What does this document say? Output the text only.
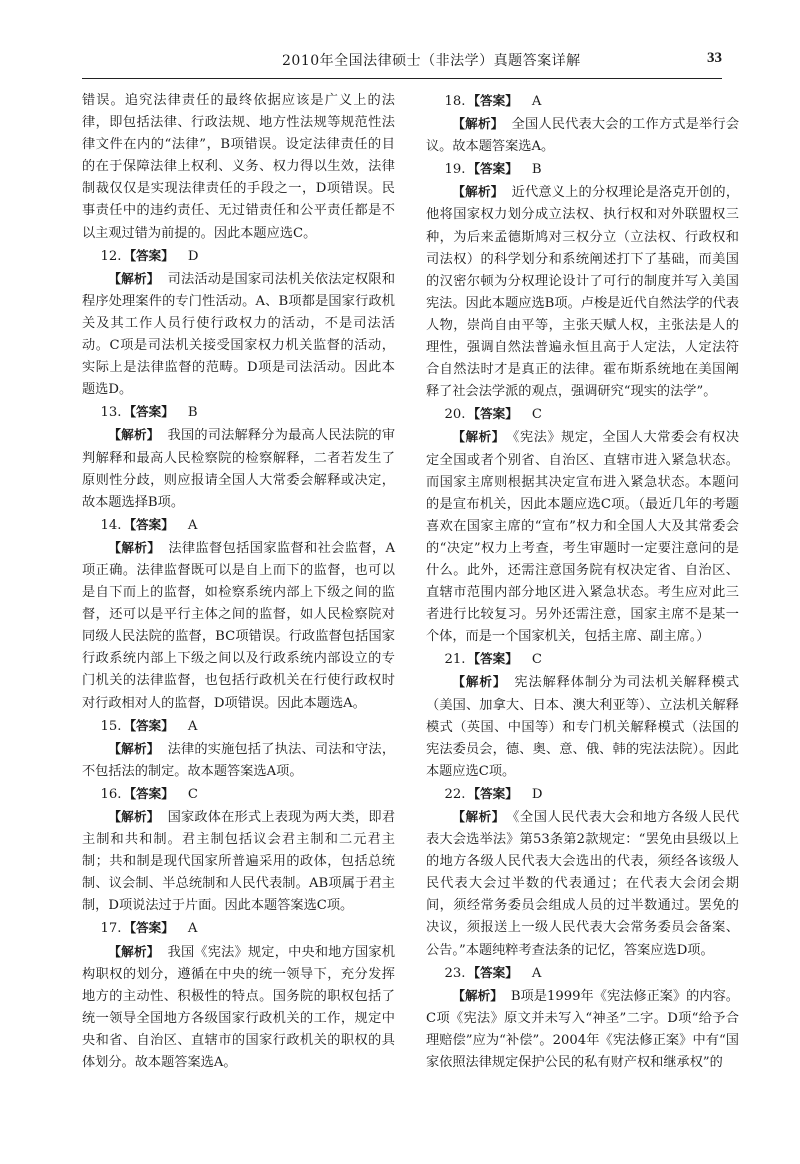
2010年全国法律硕士（非法学）真题答案详解	33

错误。追究法律责任的最终依据应该是广义上的法律，即包括法律、行政法规、地方性法规等规范性法律文件在内的“法律”，B项错误。设定法律责任的目的在于保障法律上权利、义务、权力得以生效，法律制裁仅仅是实现法律责任的手段之一，D项错误。民事责任中的违约责任、无过错责任和公平责任都是不以主观过错为前提的。因此本题应选C。

12. 【答案】 D

【解析】 司法活动是国家司法机关依法定权限和程序处理案件的专门性活动。A、B项都是国家行政机关及其工作人员行使行政权力的活动，不是司法活动。C项是司法机关接受国家权力机关监督的活动，实际上是法律监督的范畴。D项是司法活动。因此本题选D。

13. 【答案】 B

【解析】 我国的司法解释分为最高人民法院的审判解释和最高人民检察院的检察解释，二者若发生了原则性分歧，则应报请全国人大常委会解释或决定，故本题选择B项。

14. 【答案】 A

【解析】 法律监督包括国家监督和社会监督，A项正确。法律监督既可以是自上而下的监督，也可以是自下而上的监督，如检察系统内部上下级之间的监督，还可以是平行主体之间的监督，如人民检察院对同级人民法院的监督，BC项错误。行政监督包括国家行政系统内部上下级之间以及行政系统内部设立的专门机关的法律监督，也包括行政机关在行使行政权时对行政相对人的监督，D项错误。因此本题选A。

15. 【答案】 A

【解析】 法律的实施包括了执法、司法和守法，不包括法的制定。故本题答案选A项。

16. 【答案】 C

【解析】 国家政体在形式上表现为两大类，即君主制和共和制。君主制包括议会君主制和二元君主制；共和制是现代国家所普遍采用的政体，包括总统制、议会制、半总统制和人民代表制。AB项属于君主制，D项说法过于片面。因此本题答案选C项。

17. 【答案】 A

【解析】 我国《宪法》规定，中央和地方国家机构职权的划分，遵循在中央的统一领导下，充分发挥地方的主动性、积极性的特点。国务院的职权包括了统一领导全国地方各级国家行政机关的工作，规定中央和省、自治区、直辖市的国家行政机关的职权的具体划分。故本题答案选A。

18. 【答案】 A

【解析】 全国人民代表大会的工作方式是举行会议。故本题答案选A。

19. 【答案】 B

【解析】 近代意义上的分权理论是洛克开创的，他将国家权力划分成立法权、执行权和对外联盟权三种，为后来孟德斯鸠对三权分立（立法权、行政权和司法权）的科学划分和系统阐述打下了基础，而美国的汉密尔顿为分权理论设计了可行的制度并写入美国宪法。因此本题应选B项。卢梭是近代自然法学的代表人物，崇尚自由平等，主张天赋人权，主张法是人的理性，强调自然法普遍永恒且高于人定法，人定法符合自然法时才是真正的法律。霍布斯系统地在美国阐释了社会法学派的观点，强调研究“现实的法学”。

20. 【答案】 C

【解析】 《宪法》规定，全国人大常委会有权决定全国或者个别省、自治区、直辖市进入紧急状态。而国家主席则根据其决定宣布进入紧急状态。本题问的是宣布机关，因此本题应选C项。（最近几年的考题喜欢在国家主席的“宣布”权力和全国人大及其常委会的“决定”权力上考查，考生审题时一定要注意问的是什么。此外，还需注意国务院有权决定省、自治区、直辖市范围内部分地区进入紧急状态。考生应对此三者进行比较复习。另外还需注意，国家主席不是某一个体，而是一个国家机关，包括主席、副主席。）

21. 【答案】 C

【解析】 宪法解释体制分为司法机关解释模式（美国、加拿大、日本、澳大利亚等）、立法机关解释模式（英国、中国等）和专门机关解释模式（法国的宪法委员会，德、奥、意、俄、韩的宪法法院）。因此本题应选C项。

22. 【答案】 D

【解析】 《全国人民代表大会和地方各级人民代表大会选举法》第53条第2款规定：“罢免由县级以上的地方各级人民代表大会选出的代表，须经各该级人民代表大会过半数的代表通过；在代表大会闭会期间，须经常务委员会组成人员的过半数通过。罢免的决议，须报送上一级人民代表大会常务委员会备案、公告。”本题纯粹考查法条的记忆，答案应选D项。

23. 【答案】 A

【解析】 B项是1999年《宪法修正案》的内容。C项《宪法》原文并未写入“神圣”二字。D项“给予合理赔偿”应为“补偿”。2004年《宪法修正案》中有“国家依照法律规定保护公民的私有财产权和继承权”的
